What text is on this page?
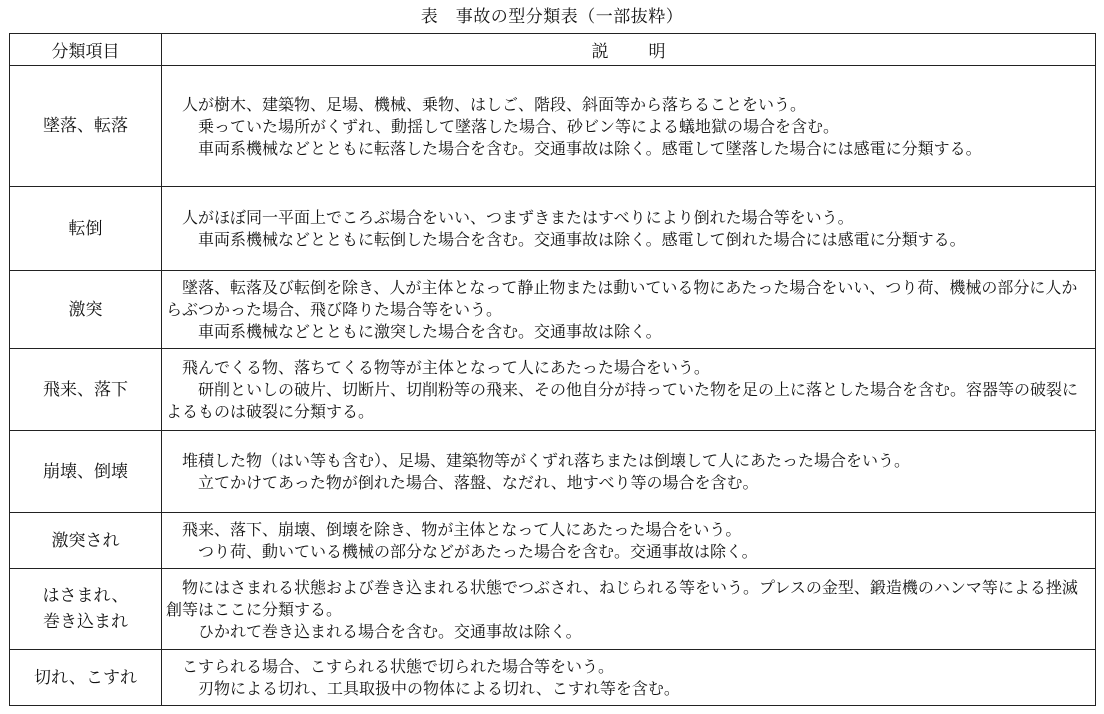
表　事故の型分類表（一部抜粋）
分類項目	説 明

墜落、転落	人が樹木、建築物、足場、機械、乗物、はしご、階段、斜面等から落ちることをいう。
乗っていた場所がくずれ、動揺して墜落した場合、砂ビン等による蟻地獄の場合を含む。
車両系機械などとともに転落した場合を含む。交通事故は除く。感電して墜落した場合には感電に分類する。

転倒	人がほぼ同一平面上でころぶ場合をいい、つまずきまたはすべりにより倒れた場合等をいう。
車両系機械などとともに転倒した場合を含む。交通事故は除く。感電して倒れた場合には感電に分類する。

激突	墜落、転落及び転倒を除き、人が主体となって静止物または動いている物にあたった場合をいい、つり荷、機械の部分に人からぶつかった場合、飛び降りた場合等をいう。
車両系機械などとともに激突した場合を含む。交通事故は除く。

飛来、落下	飛んでくる物、落ちてくる物等が主体となって人にあたった場合をいう。
研削といしの破片、切断片、切削粉等の飛来、その他自分が持っていた物を足の上に落とした場合を含む。容器等の破裂によるものは破裂に分類する。

崩壊、倒壊	堆積した物（はい等も含む）、足場、建築物等がくずれ落ちまたは倒壊して人にあたった場合をいう。
立てかけてあった物が倒れた場合、落盤、なだれ、地すべり等の場合を含む。

激突され	飛来、落下、崩壊、倒壊を除き、物が主体となって人にあたった場合をいう。
つり荷、動いている機械の部分などがあたった場合を含む。交通事故は除く。

はさまれ、
巻き込まれ	物にはさまれる状態および巻き込まれる状態でつぶされ、ねじられる等をいう。プレスの金型、鍛造機のハンマ等による挫滅創等はここに分類する。
ひかれて巻き込まれる場合を含む。交通事故は除く。

切れ、こすれ	こすられる場合、こすられる状態で切られた場合等をいう。
刃物による切れ、工具取扱中の物体による切れ、こすれ等を含む。
